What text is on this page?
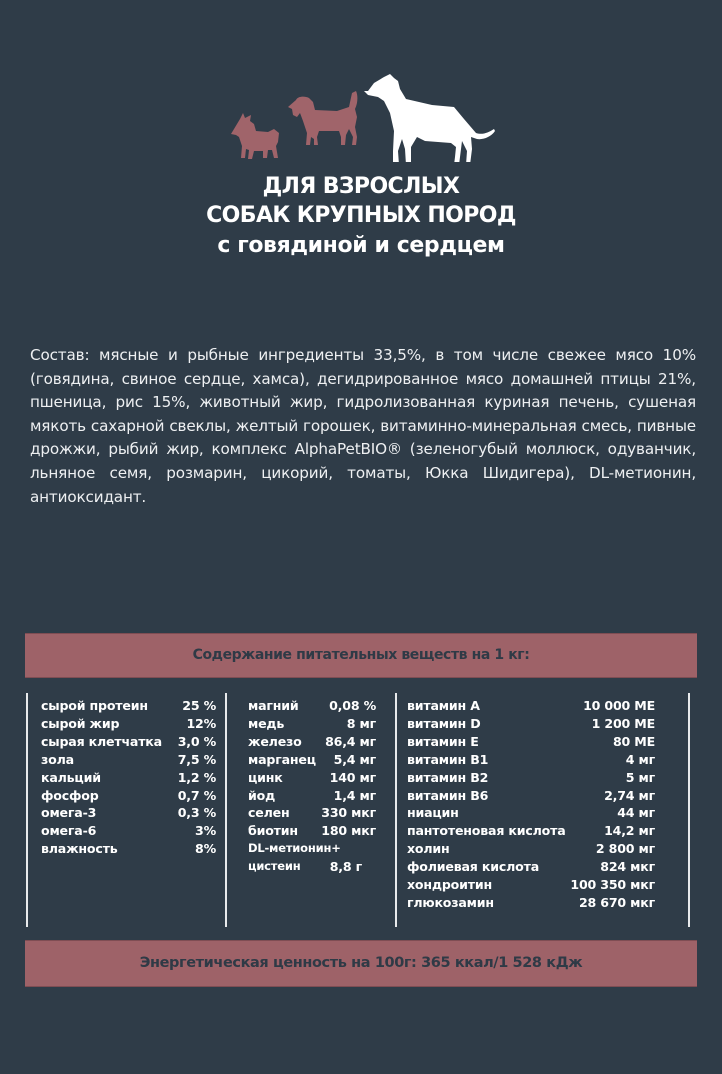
ДЛЯ ВЗРОСЛЫХ
СОБАК КРУПНЫХ ПОРОД
с говядиной и сердцем
Состав: мясные и рыбные ингредиенты 33,5%, в том числе свежее мясо 10% (говядина, свиное сердце, хамса), дегидрированное мясо домашней птицы 21%, пшеница, рис 15%, животный жир, гидролизованная куриная печень, сушеная мякоть сахарной свеклы, желтый горошек, витаминно-минеральная смесь, пивные дрожжи, рыбий жир, комплекс AlphaPetBIO® (зеленогубый моллюск, одуванчик, льняное семя, розмарин, цикорий, томаты, Юкка Шидигера), DL-метионин, антиоксидант.
Содержание питательных веществ на 1 кг:
сырой протеин	25 %
сырой жир	12%
сырая клетчатка 3,0 %
зола	7,5 %
кальций	1,2 %
фосфор	0,7 %
омега-3	0,3 %
омега-6	3%
влажность	8%
магний 0,08 %
медь	8 мг
железо 86,4 мг
марганец 5,4 мг
цинк	140 мг
йод	1,4 мг
селен	330 мкг
биотин 180 мкг
DL-метионин+
цистеин 8,8 г
витамин A	10 000 МЕ
витамин D	1 200 МЕ
витамин E	80 МЕ
витамин B1	4 мг
витамин B2	5 мг
витамин B6	2,74 мг
ниацин	44 мг
пантотеновая кислота	14,2 мг
холин	2 800 мг
фолиевая кислота	824 мкг
хондроитин	100 350 мкг
глюкозамин	28 670 мкг
Энергетическая ценность на 100г: 365 ккал/1 528 кДж
